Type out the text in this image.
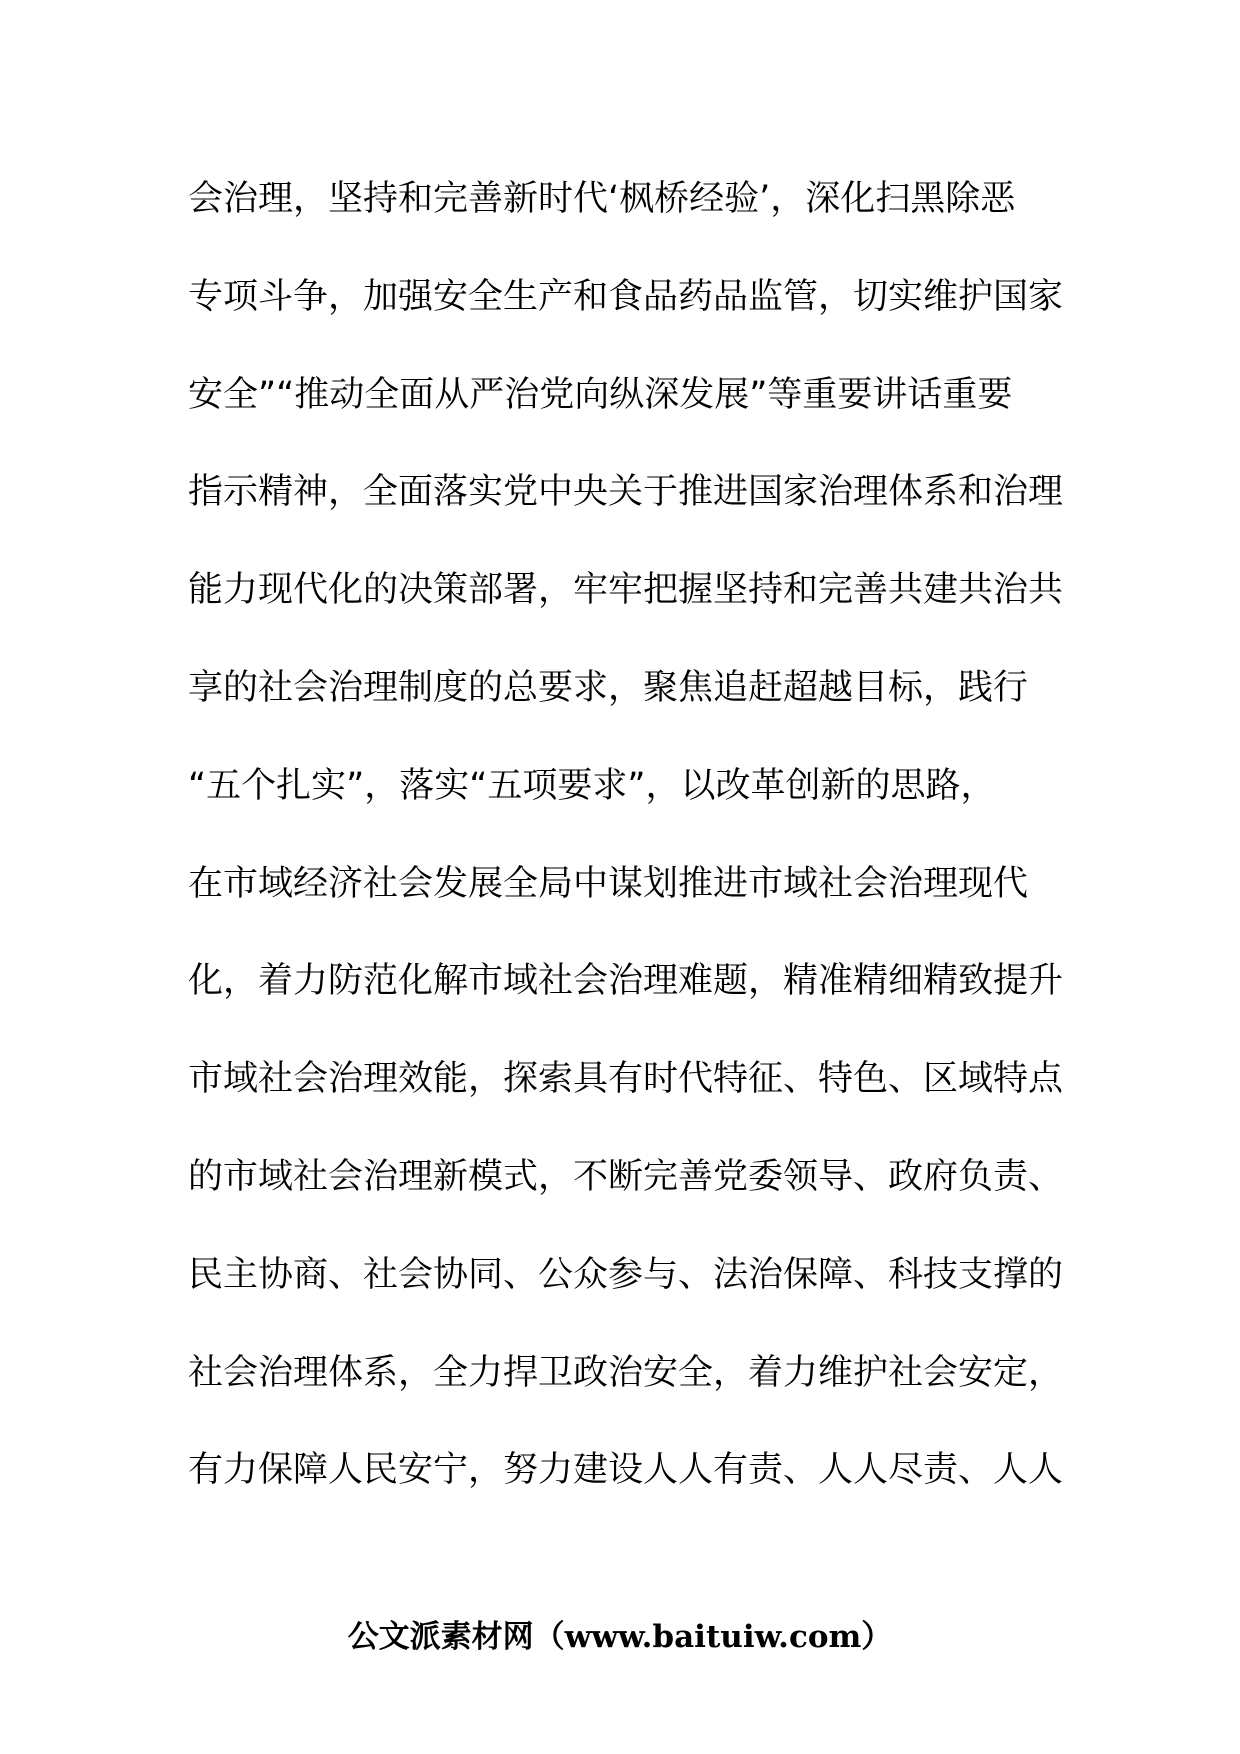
会治理，坚持和完善新时代‘枫桥经验’，深化扫黑除恶
专项斗争，加强安全生产和食品药品监管，切实维护国家
安全”“推动全面从严治党向纵深发展”等重要讲话重要
指示精神，全面落实党中央关于推进国家治理体系和治理
能力现代化的决策部署，牢牢把握坚持和完善共建共治共
享的社会治理制度的总要求，聚焦追赶超越目标，践行
“五个扎实”，落实“五项要求”，以改革创新的思路，
在市域经济社会发展全局中谋划推进市域社会治理现代
化，着力防范化解市域社会治理难题，精准精细精致提升
市域社会治理效能，探索具有时代特征、特色、区域特点
的市域社会治理新模式，不断完善党委领导、政府负责、
民主协商、社会协同、公众参与、法治保障、科技支撑的
社会治理体系，全力捍卫政治安全，着力维护社会安定，
有力保障人民安宁，努力建设人人有责、人人尽责、人人
公文派素材网（www.baituiw.com）
